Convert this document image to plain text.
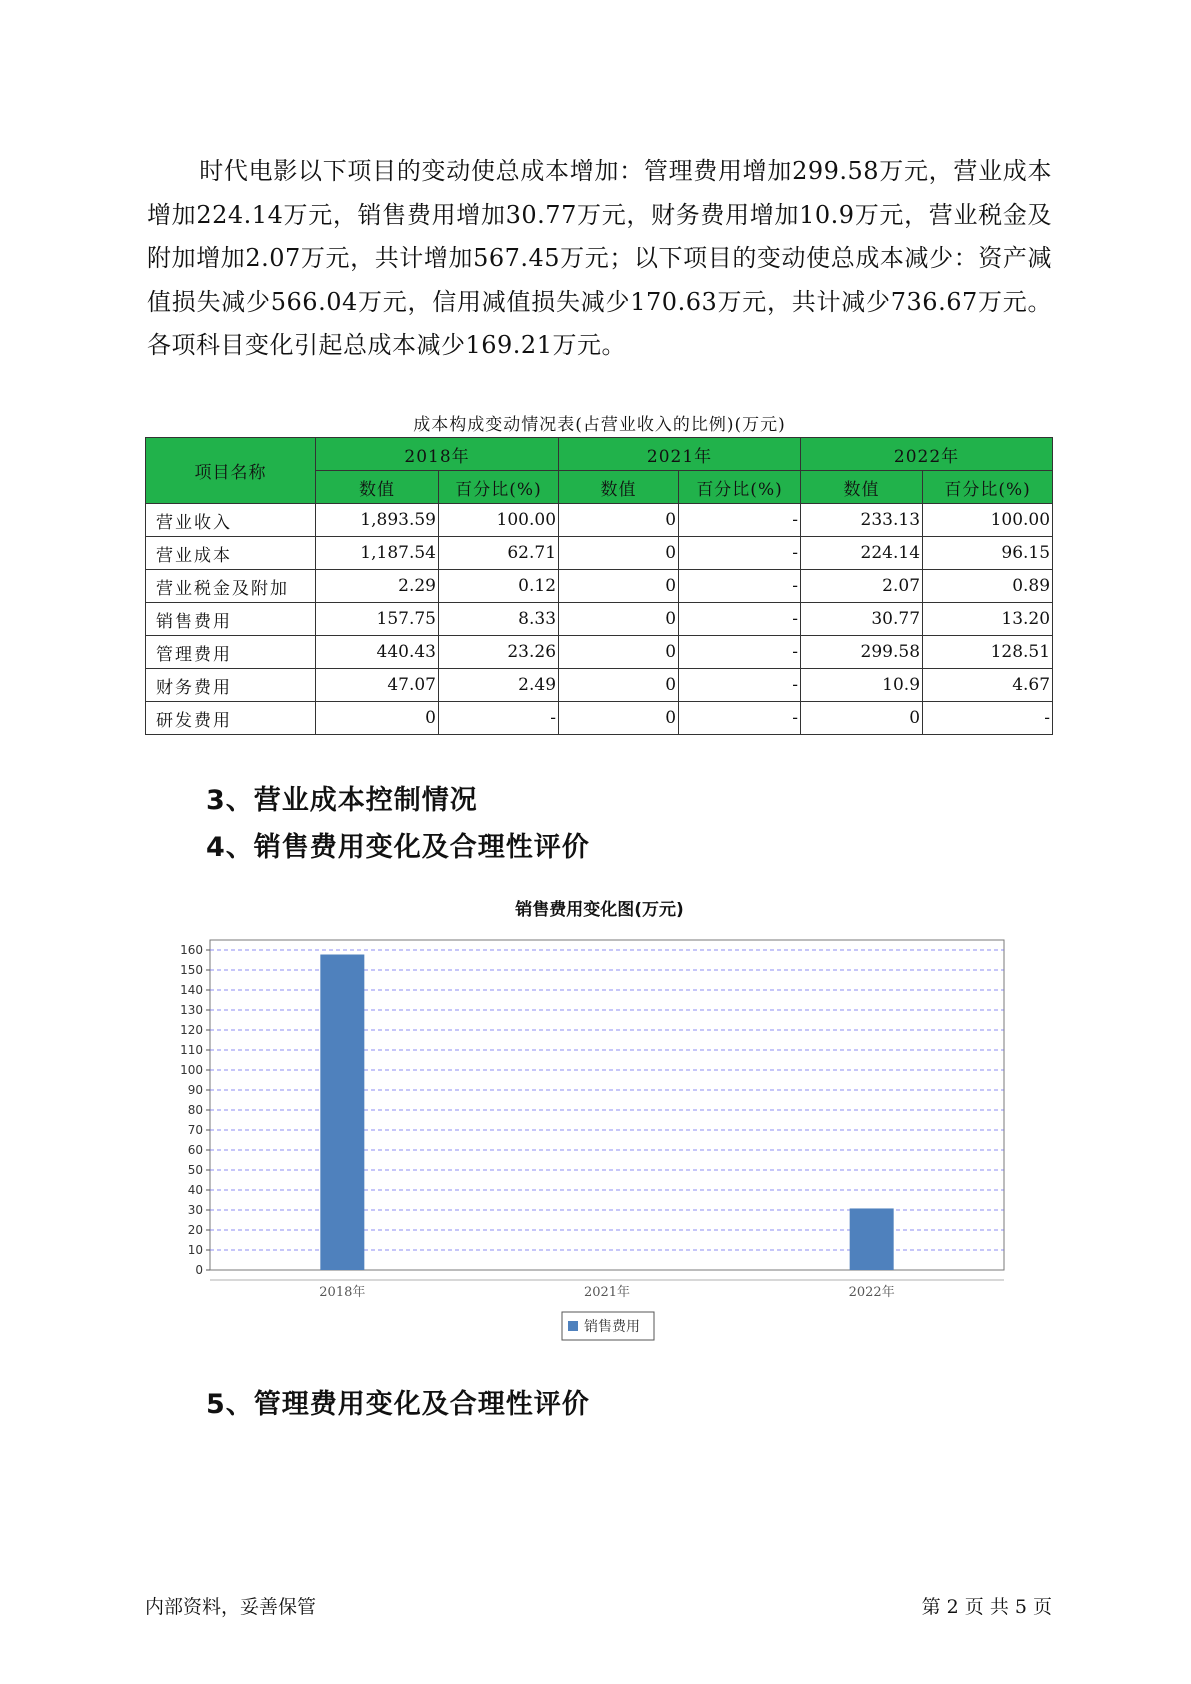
时代电影以下项目的变动使总成本增加：管理费用增加299.58万元，营业成本增加224.14万元，销售费用增加30.77万元，财务费用增加10.9万元，营业税金及附加增加2.07万元，共计增加567.45万元；以下项目的变动使总成本减少：资产减值损失减少566.04万元，信用减值损失减少170.63万元，共计减少736.67万元。各项科目变化引起总成本减少169.21万元。
成本构成变动情况表(占营业收入的比例)(万元)
项目名称	2018年		2021年		2022年	
	数值	百分比(%)	数值	百分比(%)	数值	百分比(%)
营业收入	1,893.59	100.00	0	-	233.13	100.00
营业成本	1,187.54	62.71	0	-	224.14	96.15
营业税金及附加	2.29	0.12	0	-	2.07	0.89
销售费用	157.75	8.33	0	-	30.77	13.20
管理费用	440.43	23.26	0	-	299.58	128.51
财务费用	47.07	2.49	0	-	10.9	4.67
研发费用	0	-	0	-	0	-
3、营业成本控制情况
4、销售费用变化及合理性评价
销售费用变化图(万元)
0
10
20
30
40
50
60
70
80
90
100
110
120
130
140
150
160
2018年	2021年	2022年
销售费用
5、管理费用变化及合理性评价
内部资料，妥善保管	第 2 页 共 5 页
